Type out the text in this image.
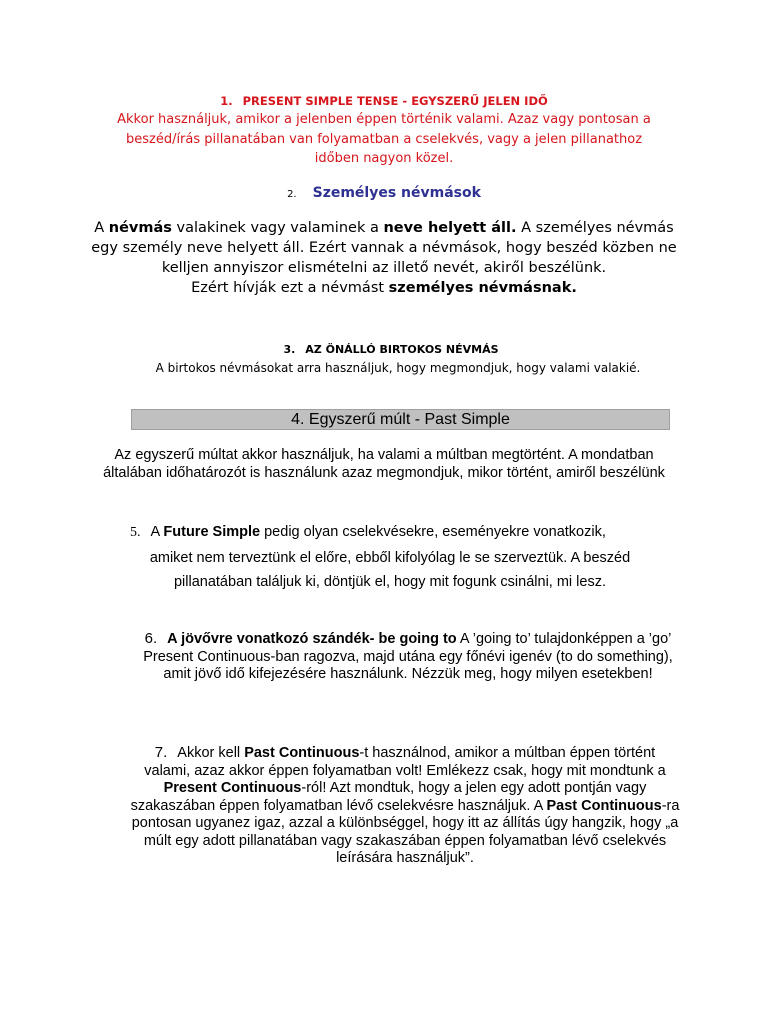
1. PRESENT SIMPLE TENSE - EGYSZERŰ JELEN IDŐ
Akkor használjuk, amikor a jelenben éppen történik valami. Azaz vagy pontosan a beszéd/írás pillanatában van folyamatban a cselekvés, vagy a jelen pillanathoz időben nagyon közel.
2. Személyes névmások
A névmás valakinek vagy valaminek a neve helyett áll. A személyes névmás egy személy neve helyett áll. Ezért vannak a névmások, hogy beszéd közben ne kelljen annyiszor elismételni az illető nevét, akiről beszélünk.
Ezért hívják ezt a névmást személyes névmásnak.
3. AZ ÖNÁLLÓ BIRTOKOS NÉVMÁS
A birtokos névmásokat arra használjuk, hogy megmondjuk, hogy valami valakié.
4. Egyszerű múlt - Past Simple
Az egyszerű múltat akkor használjuk, ha valami a múltban megtörtént. A mondatban általában időhatározót is használunk azaz megmondjuk, mikor történt, amiről beszélünk
5. A Future Simple pedig olyan cselekvésekre, eseményekre vonatkozik,
amiket nem terveztünk el előre, ebből kifolyólag le se szerveztük. A beszéd
pillanatában találjuk ki, döntjük el, hogy mit fogunk csinálni, mi lesz.
6. A jövővre vonatkozó szándék- be going to A ’going to’ tulajdonképpen a ’go’ Present Continuous-ban ragozva, majd utána egy főnévi igenév (to do something), amit jövő idő kifejezésére használunk. Nézzük meg, hogy milyen esetekben!
7. Akkor kell Past Continuous-t használnod, amikor a múltban éppen történt valami, azaz akkor éppen folyamatban volt! Emlékezz csak, hogy mit mondtunk a Present Continuous-ról! Azt mondtuk, hogy a jelen egy adott pontján vagy szakaszában éppen folyamatban lévő cselekvésre használjuk. A Past Continuous-ra pontosan ugyanez igaz, azzal a különbséggel, hogy itt az állítás úgy hangzik, hogy „a múlt egy adott pillanatában vagy szakaszában éppen folyamatban lévő cselekvés leírására használjuk”.
